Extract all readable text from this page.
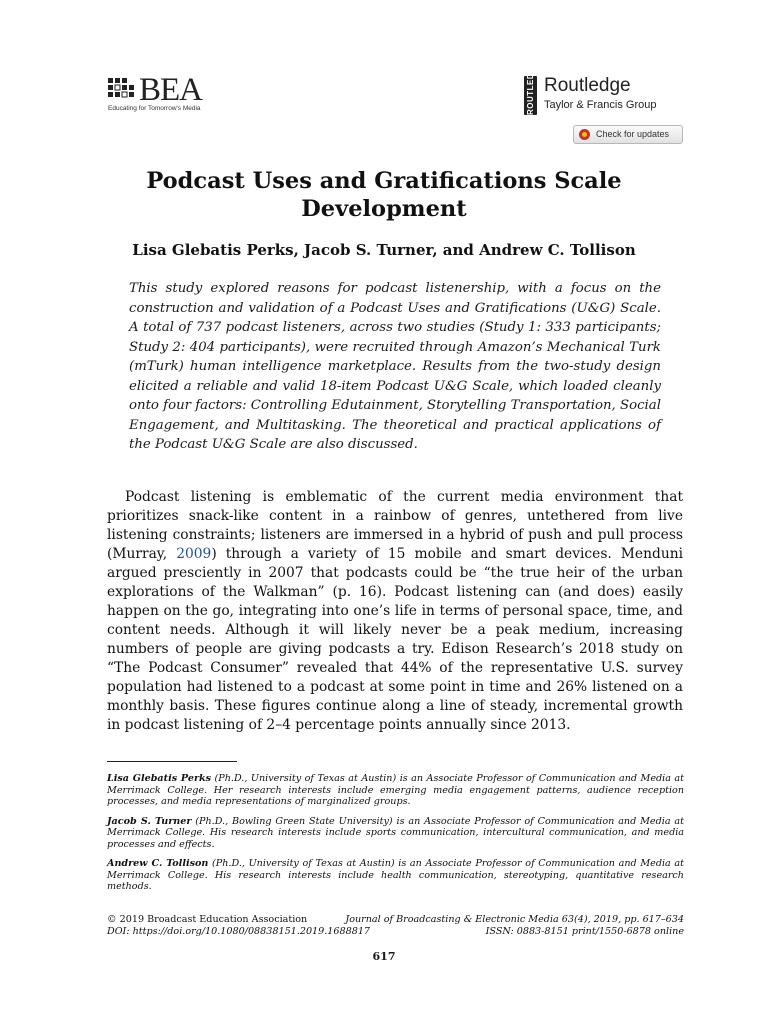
BEA
Educating for Tomorrow's Media	ROUTLEDGE Routledge
Taylor & Francis Group
Check for updates
Podcast Uses and Gratifications Scale Development
Lisa Glebatis Perks, Jacob S. Turner, and Andrew C. Tollison

This study explored reasons for podcast listenership, with a focus on the construction and validation of a Podcast Uses and Gratifications (U&G) Scale. A total of 737 podcast listeners, across two studies (Study 1: 333 participants; Study 2: 404 participants), were recruited through Amazon’s Mechanical Turk (mTurk) human intelligence marketplace. Results from the two-study design elicited a reliable and valid 18-item Podcast U&G Scale, which loaded cleanly onto four factors: Controlling Edutainment, Storytelling Transportation, Social Engagement, and Multitasking. The theoretical and practical applications of the Podcast U&G Scale are also discussed.

Podcast listening is emblematic of the current media environment that prioritizes snack-like content in a rainbow of genres, untethered from live listening constraints; listeners are immersed in a hybrid of push and pull process (Murray, 2009) through a variety of 15 mobile and smart devices. Menduni argued presciently in 2007 that podcasts could be “the true heir of the urban explorations of the Walkman” (p. 16). Podcast listening can (and does) easily happen on the go, integrating into one’s life in terms of personal space, time, and content needs. Although it will likely never be a peak medium, increasing numbers of people are giving podcasts a try. Edison Research’s 2018 study on “The Podcast Consumer” revealed that 44% of the representative U.S. survey population had listened to a podcast at some point in time and 26% listened on a monthly basis. These figures continue along a line of steady, incremental growth in podcast listening of 2–4 percentage points annually since 2013.

Lisa Glebatis Perks (Ph.D., University of Texas at Austin) is an Associate Professor of Communication and Media at Merrimack College. Her research interests include emerging media engagement patterns, audience reception processes, and media representations of marginalized groups.

Jacob S. Turner (Ph.D., Bowling Green State University) is an Associate Professor of Communication and Media at Merrimack College. His research interests include sports communication, intercultural communication, and media processes and effects.

Andrew C. Tollison (Ph.D., University of Texas at Austin) is an Associate Professor of Communication and Media at Merrimack College. His research interests include health communication, stereotyping, quantitative research methods.

© 2019 Broadcast Education Association	Journal of Broadcasting & Electronic Media 63(4), 2019, pp. 617–634
DOI: https://doi.org/10.1080/08838151.2019.1688817	ISSN: 0883-8151 print/1550-6878 online
617
